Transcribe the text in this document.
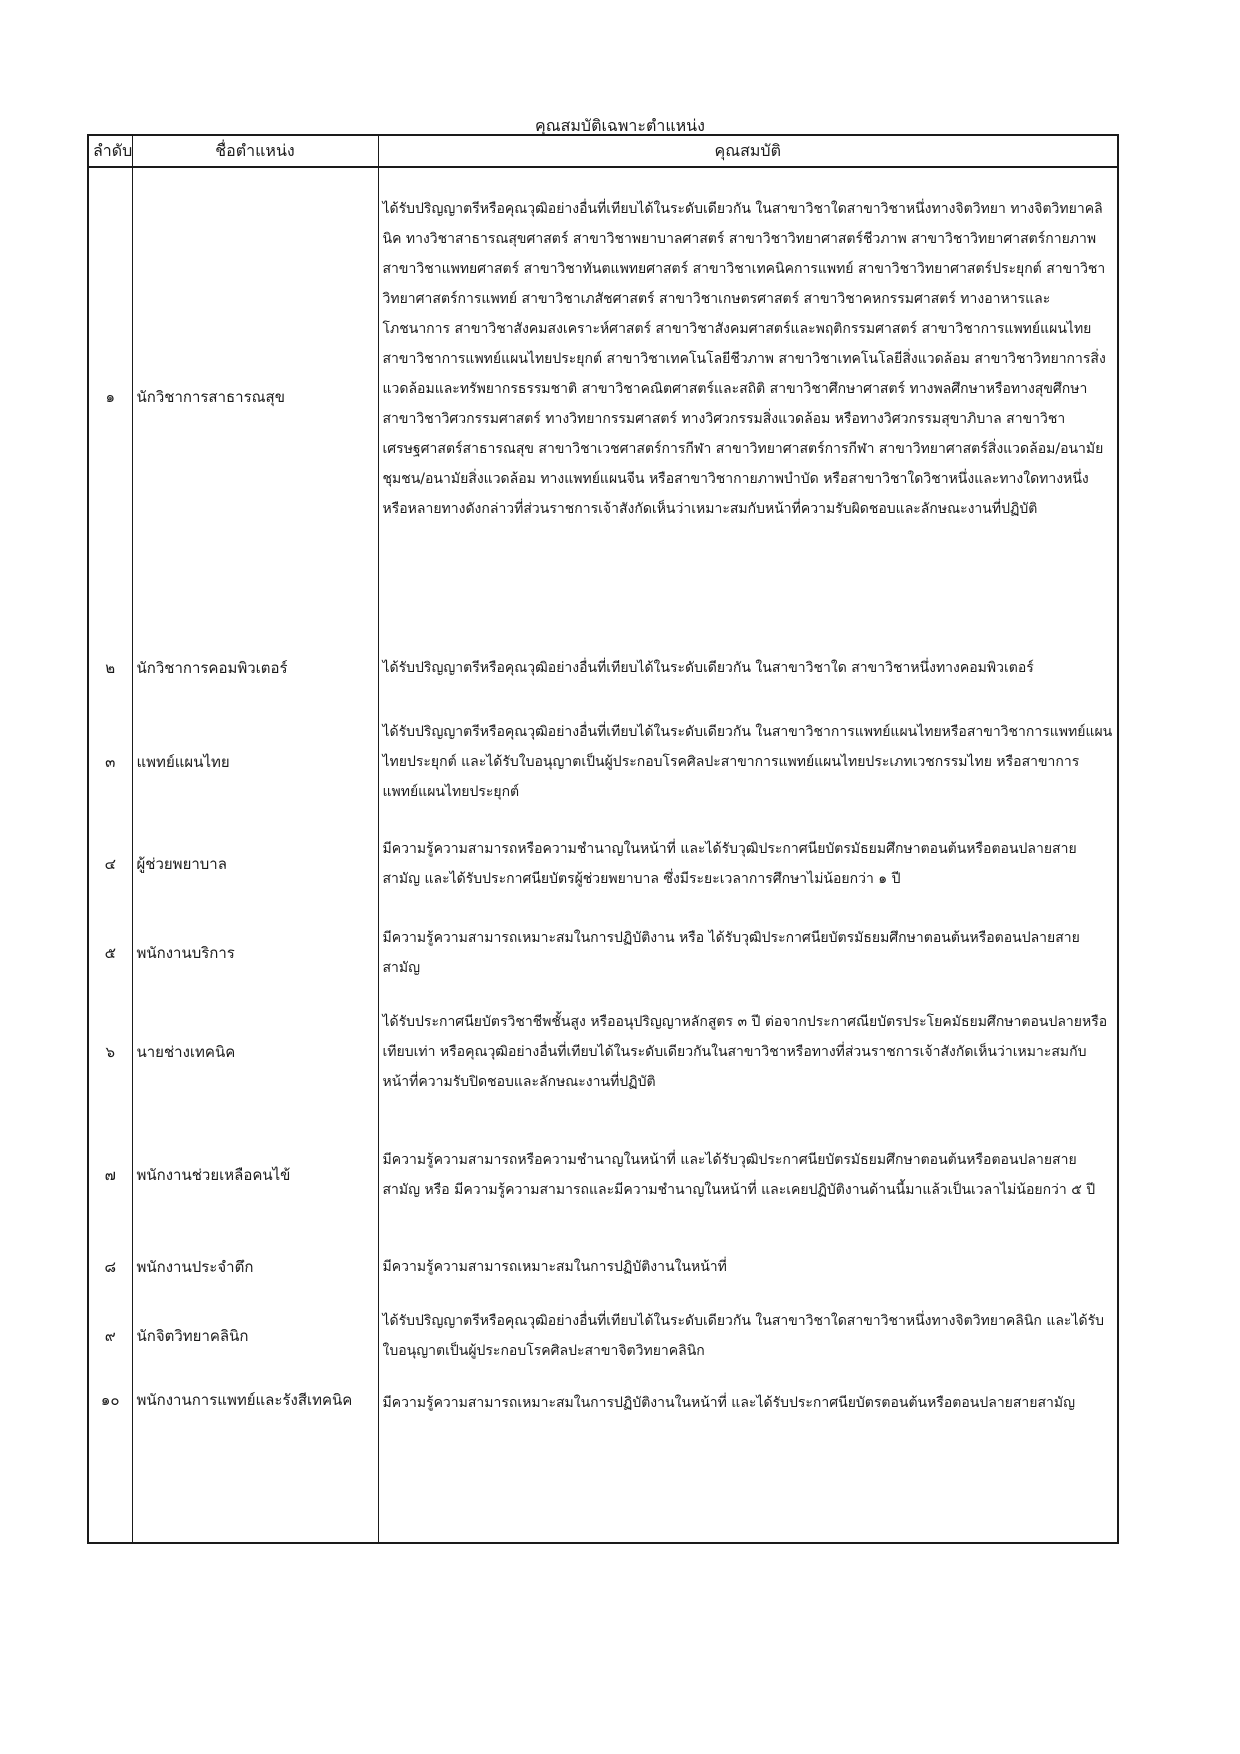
คุณสมบัติเฉพาะตำแหน่ง
ลำดับ	ชื่อตำแหน่ง	คุณสมบัติ
๑	นักวิชาการสาธารณสุข	ได้รับปริญญาตรีหรือคุณวุฒิอย่างอื่นที่เทียบได้ในระดับเดียวกัน ในสาขาวิชาใดสาขาวิชาหนึ่งทางจิตวิทยา ทางจิตวิทยาคลินิค ทางวิชาสาธารณสุขศาสตร์ สาขาวิชาพยาบาลศาสตร์ สาขาวิชาวิทยาศาสตร์ชีวภาพ สาขาวิชาวิทยาศาสตร์กายภาพ สาขาวิชาแพทยศาสตร์ สาขาวิชาทันตแพทยศาสตร์ สาขาวิชาเทคนิคการแพทย์ สาขาวิชาวิทยาศาสตร์ประยุกต์ สาขาวิชาวิทยาศาสตร์การแพทย์ สาขาวิชาเภสัชศาสตร์ สาขาวิชาเกษตรศาสตร์ สาขาวิชาคหกรรมศาสตร์ ทางอาหารและโภชนาการ สาขาวิชาสังคมสงเคราะห์ศาสตร์ สาขาวิชาสังคมศาสตร์และพฤติกรรมศาสตร์ สาขาวิชาการแพทย์แผนไทย สาขาวิชาการแพทย์แผนไทยประยุกต์ สาขาวิชาเทคโนโลยีชีวภาพ สาขาวิชาเทคโนโลยีสิ่งแวดล้อม สาขาวิชาวิทยาการสิ่งแวดล้อมและทรัพยากรธรรมชาติ สาขาวิชาคณิตศาสตร์และสถิติ สาขาวิชาศึกษาศาสตร์ ทางพลศึกษาหรือทางสุขศึกษา สาขาวิชาวิศวกรรมศาสตร์ ทางวิทยากรรมศาสตร์ ทางวิศวกรรมสิ่งแวดล้อม หรือทางวิศวกรรมสุขาภิบาล สาขาวิชาเศรษฐศาสตร์สาธารณสุข สาขาวิชาเวชศาสตร์การกีฬา สาขาวิทยาศาสตร์การกีฬา สาขาวิทยาศาสตร์สิ่งแวดล้อม/อนามัยชุมชน/อนามัยสิ่งแวดล้อม ทางแพทย์แผนจีน หรือสาขาวิชากายภาพบำบัด หรือสาขาวิชาใดวิชาหนึ่งและทางใดทางหนึ่งหรือหลายทางดังกล่าวที่ส่วนราชการเจ้าสังกัดเห็นว่าเหมาะสมกับหน้าที่ความรับผิดชอบและลักษณะงานที่ปฏิบัติ
๒	นักวิชาการคอมพิวเตอร์	ได้รับปริญญาตรีหรือคุณวุฒิอย่างอื่นที่เทียบได้ในระดับเดียวกัน ในสาขาวิชาใด สาขาวิชาหนึ่งทางคอมพิวเตอร์
๓	แพทย์แผนไทย	ได้รับปริญญาตรีหรือคุณวุฒิอย่างอื่นที่เทียบได้ในระดับเดียวกัน ในสาขาวิชาการแพทย์แผนไทยหรือสาขาวิชาการแพทย์แผนไทยประยุกต์ และได้รับใบอนุญาตเป็นผู้ประกอบโรคศิลปะสาขาการแพทย์แผนไทยประเภทเวชกรรมไทย หรือสาขาการแพทย์แผนไทยประยุกต์
๔	ผู้ช่วยพยาบาล	มีความรู้ความสามารถหรือความชำนาญในหน้าที่ และได้รับวุฒิประกาศนียบัตรมัธยมศึกษาตอนต้นหรือตอนปลายสายสามัญ และได้รับประกาศนียบัตรผู้ช่วยพยาบาล ซึ่งมีระยะเวลาการศึกษาไม่น้อยกว่า ๑ ปี
๕	พนักงานบริการ	มีความรู้ความสามารถเหมาะสมในการปฏิบัติงาน หรือ ได้รับวุฒิประกาศนียบัตรมัธยมศึกษาตอนต้นหรือตอนปลายสายสามัญ
๖	นายช่างเทคนิค	ได้รับประกาศนียบัตรวิชาชีพชั้นสูง หรืออนุปริญญาหลักสูตร ๓ ปี ต่อจากประกาศณียบัตรประโยคมัธยมศึกษาตอนปลายหรือเทียบเท่า หรือคุณวุฒิอย่างอื่นที่เทียบได้ในระดับเดียวกันในสาขาวิชาหรือทางที่ส่วนราชการเจ้าสังกัดเห็นว่าเหมาะสมกับหน้าที่ความรับปิดชอบและลักษณะงานที่ปฏิบัติ
๗	พนักงานช่วยเหลือคนไข้	มีความรู้ความสามารถหรือความชำนาญในหน้าที่ และได้รับวุฒิประกาศนียบัตรมัธยมศึกษาตอนต้นหรือตอนปลายสายสามัญ หรือ มีความรู้ความสามารถและมีความชำนาญในหน้าที่ และเคยปฏิบัติงานด้านนี้มาแล้วเป็นเวลาไม่น้อยกว่า ๕ ปี
๘	พนักงานประจำตึก	มีความรู้ความสามารถเหมาะสมในการปฏิบัติงานในหน้าที่
๙	นักจิตวิทยาคลินิก	ได้รับปริญญาตรีหรือคุณวุฒิอย่างอื่นที่เทียบได้ในระดับเดียวกัน ในสาขาวิชาใดสาขาวิชาหนึ่งทางจิตวิทยาคลินิก และได้รับใบอนุญาตเป็นผู้ประกอบโรคศิลปะสาขาจิตวิทยาคลินิก
๑๐	พนักงานการแพทย์และรังสีเทคนิค	มีความรู้ความสามารถเหมาะสมในการปฏิบัติงานในหน้าที่ และได้รับประกาศนียบัตรตอนต้นหรือตอนปลายสายสามัญ
